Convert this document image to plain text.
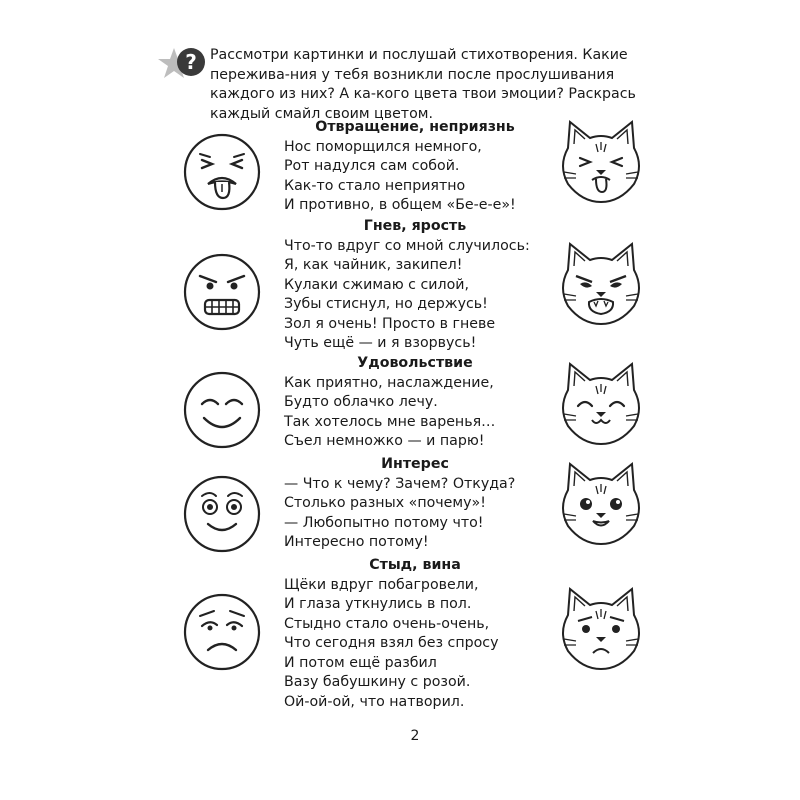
? Рассмотри картинки и послушай стихотворения. Какие пережива-ния у тебя возникли после прослушивания каждого из них? А ка-кого цвета твои эмоции? Раскрась каждый смайл своим цветом.
Отвращение, неприязнь
Нос поморщился немного,
Рот надулся сам собой.
Как-то стало неприятно
И противно, в общем «Бе-е-е»!
Гнев, ярость
Что-то вдруг со мной случилось:
Я, как чайник, закипел!
Кулаки сжимаю с силой,
Зубы стиснул, но держусь!
Зол я очень! Просто в гневе
Чуть ещё — и я взорвусь!
Удовольствие
Как приятно, наслаждение,
Будто облачко лечу.
Так хотелось мне варенья…
Съел немножко — и парю!
Интерес
— Что к чему? Зачем? Откуда?
Столько разных «почему»!
— Любопытно потому что!
Интересно потому!
Стыд, вина
Щёки вдруг побагровели,
И глаза уткнулись в пол.
Стыдно стало очень-очень,
Что сегодня взял без спросу
И потом ещё разбил
Вазу бабушкину с розой.
Ой-ой-ой, что натворил.
2
